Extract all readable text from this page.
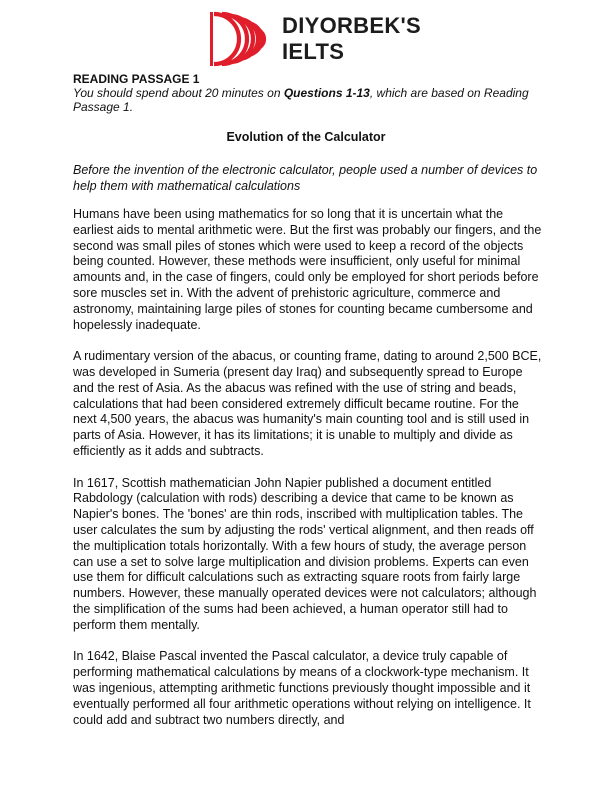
DIYORBEK'S
IELTS
READING PASSAGE 1
You should spend about 20 minutes on Questions 1-13, which are based on Reading Passage 1.
Evolution of the Calculator
Before the invention of the electronic calculator, people used a number of devices to help them with mathematical calculations

Humans have been using mathematics for so long that it is uncertain what the earliest aids to mental arithmetic were. But the first was probably our fingers, and the second was small piles of stones which were used to keep a record of the objects being counted. However, these methods were insufficient, only useful for minimal amounts and, in the case of fingers, could only be employed for short periods before sore muscles set in. With the advent of prehistoric agriculture, commerce and astronomy, maintaining large piles of stones for counting became cumbersome and hopelessly inadequate.

A rudimentary version of the abacus, or counting frame, dating to around 2,500 BCE, was developed in Sumeria (present day Iraq) and subsequently spread to Europe and the rest of Asia. As the abacus was refined with the use of string and beads, calculations that had been considered extremely difficult became routine. For the next 4,500 years, the abacus was humanity's main counting tool and is still used in parts of Asia. However, it has its limitations; it is unable to multiply and divide as efficiently as it adds and subtracts.

In 1617, Scottish mathematician John Napier published a document entitled Rabdology (calculation with rods) describing a device that came to be known as Napier's bones. The 'bones' are thin rods, inscribed with multiplication tables. The user calculates the sum by adjusting the rods' vertical alignment, and then reads off the multiplication totals horizontally. With a few hours of study, the average person can use a set to solve large multiplication and division problems. Experts can even use them for difficult calculations such as extracting square roots from fairly large numbers. However, these manually operated devices were not calculators; although the simplification of the sums had been achieved, a human operator still had to perform them mentally.

In 1642, Blaise Pascal invented the Pascal calculator, a device truly capable of performing mathematical calculations by means of a clockwork-type mechanism. It was ingenious, attempting arithmetic functions previously thought impossible and it eventually performed all four arithmetic operations without relying on intelligence. It could add and subtract two numbers directly, and
